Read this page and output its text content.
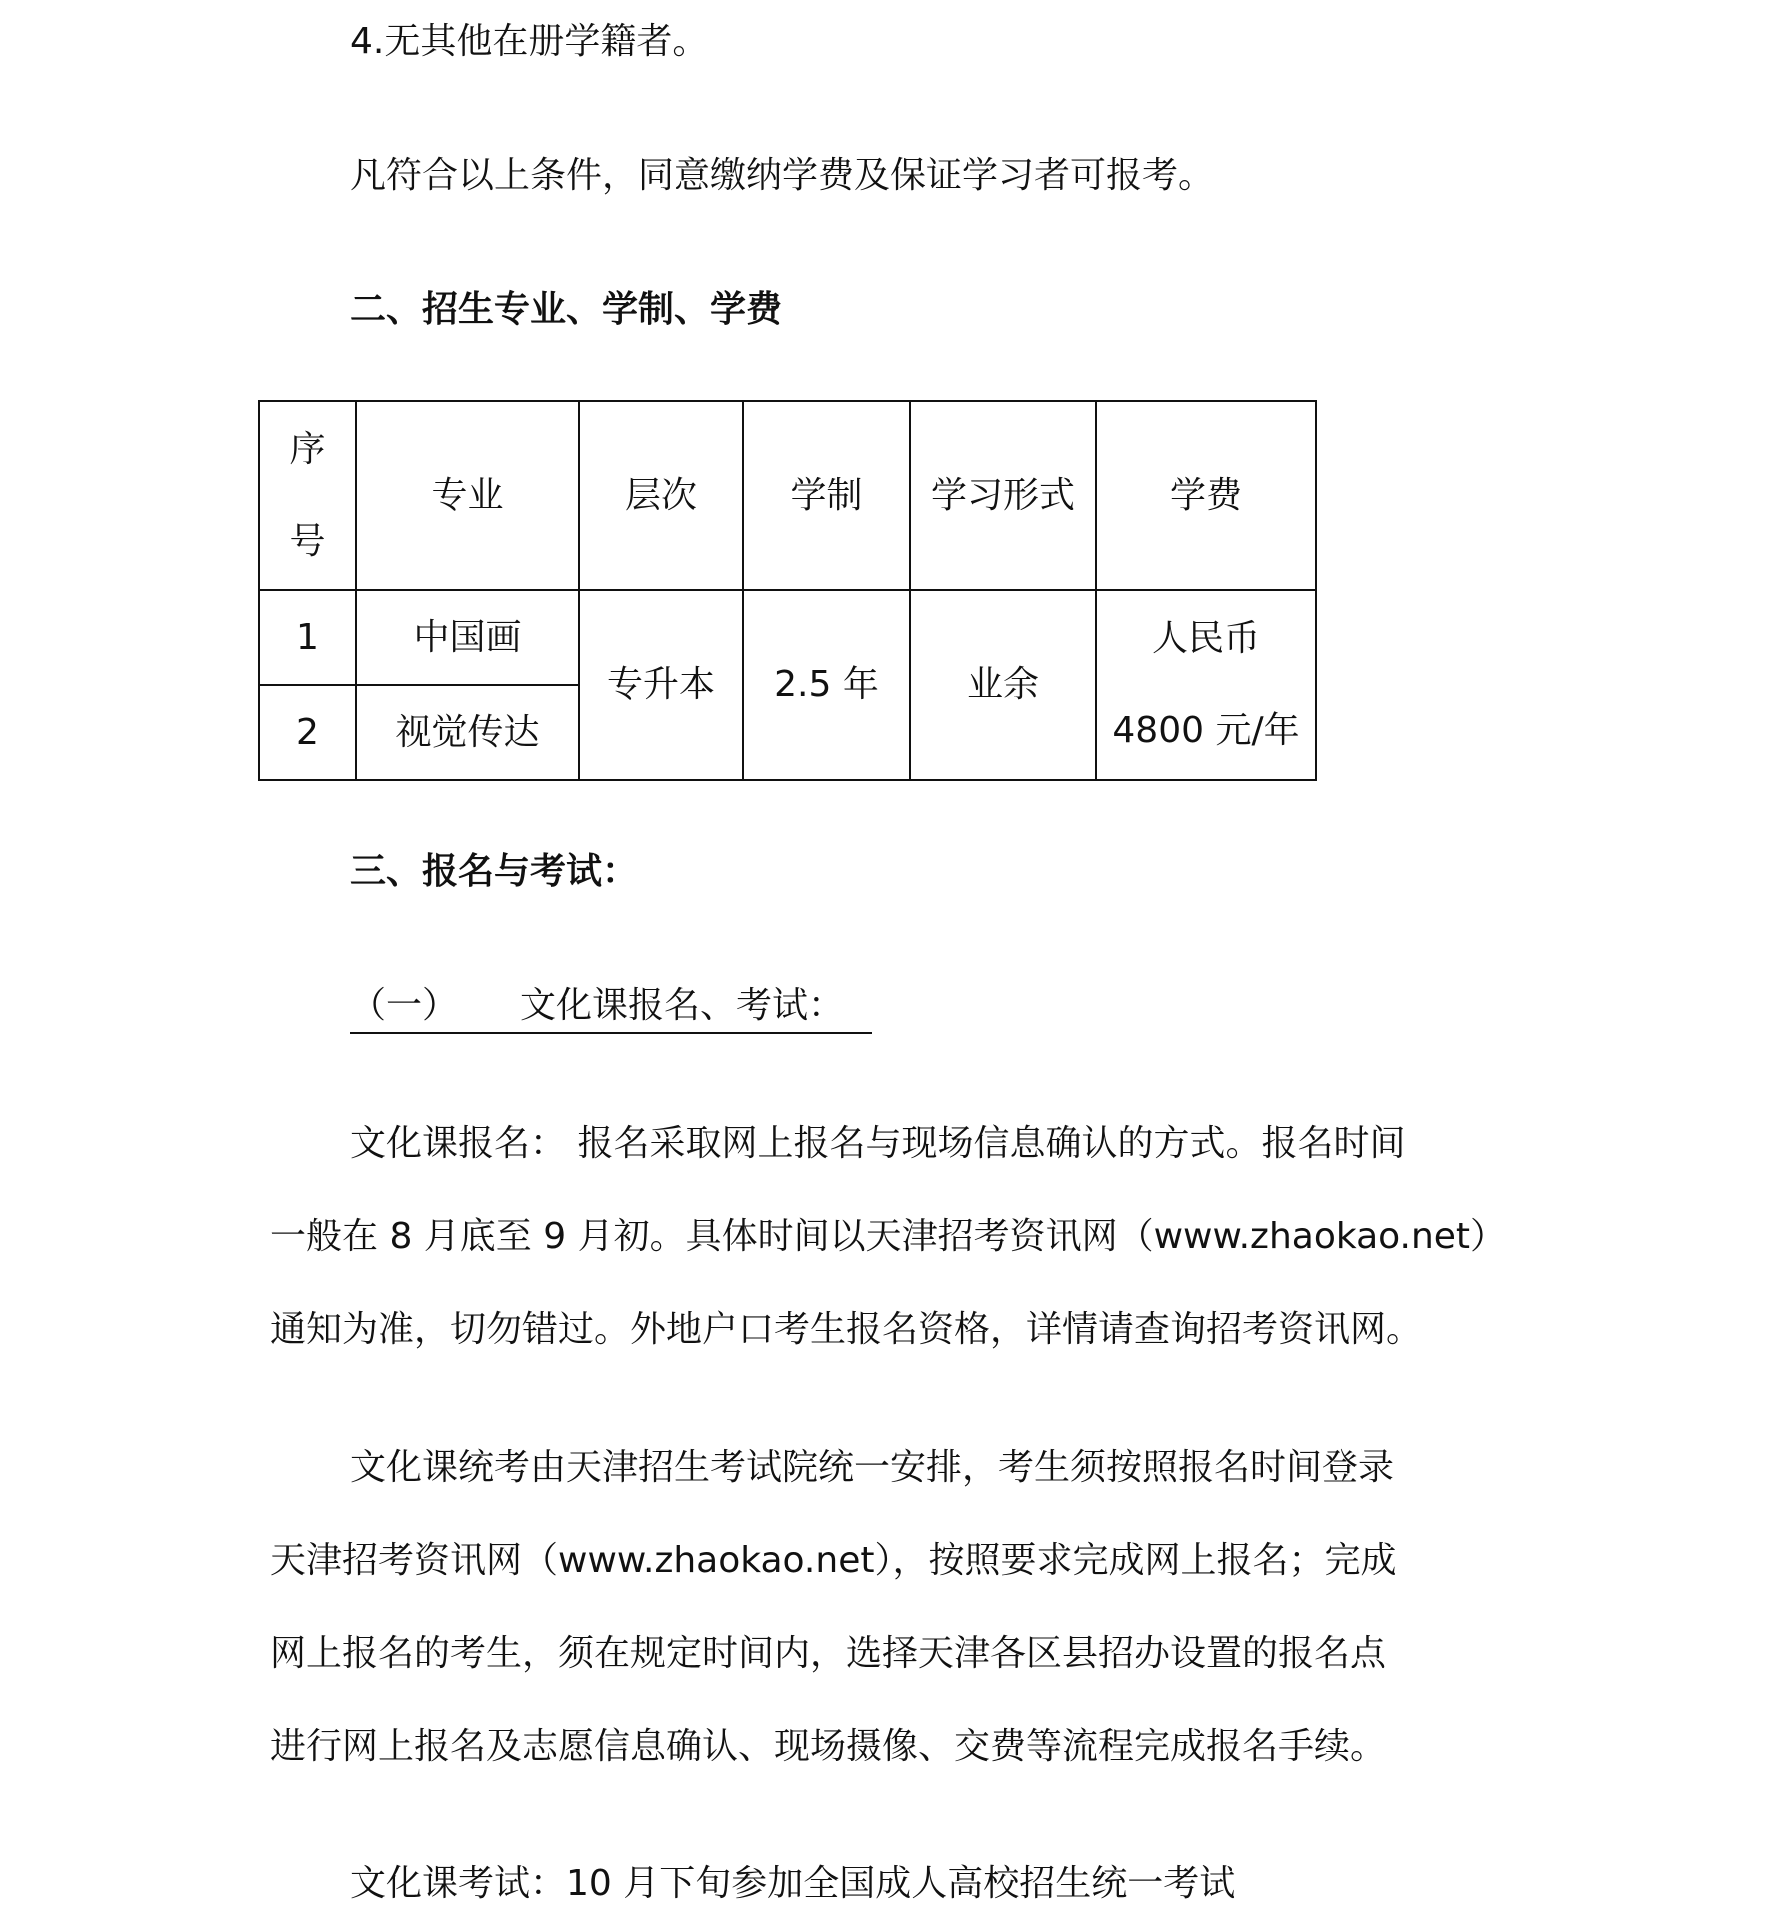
4.无其他在册学籍者。
凡符合以上条件，同意缴纳学费及保证学习者可报考。
二、招生专业、学制、学费
序
号	专业	层次	学制	学习形式	学费
1	中国画	专升本	2.5 年	业余	人民币
4800 元/年

2	视觉传达				
三、报名与考试：
（一） 文化课报名、考试：
文化课报名： 报名采取网上报名与现场信息确认的方式。报名时间
一般在 8 月底至 9 月初。具体时间以天津招考资讯网（www.zhaokao.net）
通知为准，切勿错过。外地户口考生报名资格，详情请查询招考资讯网。
文化课统考由天津招生考试院统一安排，考生须按照报名时间登录
天津招考资讯网（www.zhaokao.net），按照要求完成网上报名；完成
网上报名的考生，须在规定时间内，选择天津各区县招办设置的报名点
进行网上报名及志愿信息确认、现场摄像、交费等流程完成报名手续。
文化课考试：10 月下旬参加全国成人高校招生统一考试
